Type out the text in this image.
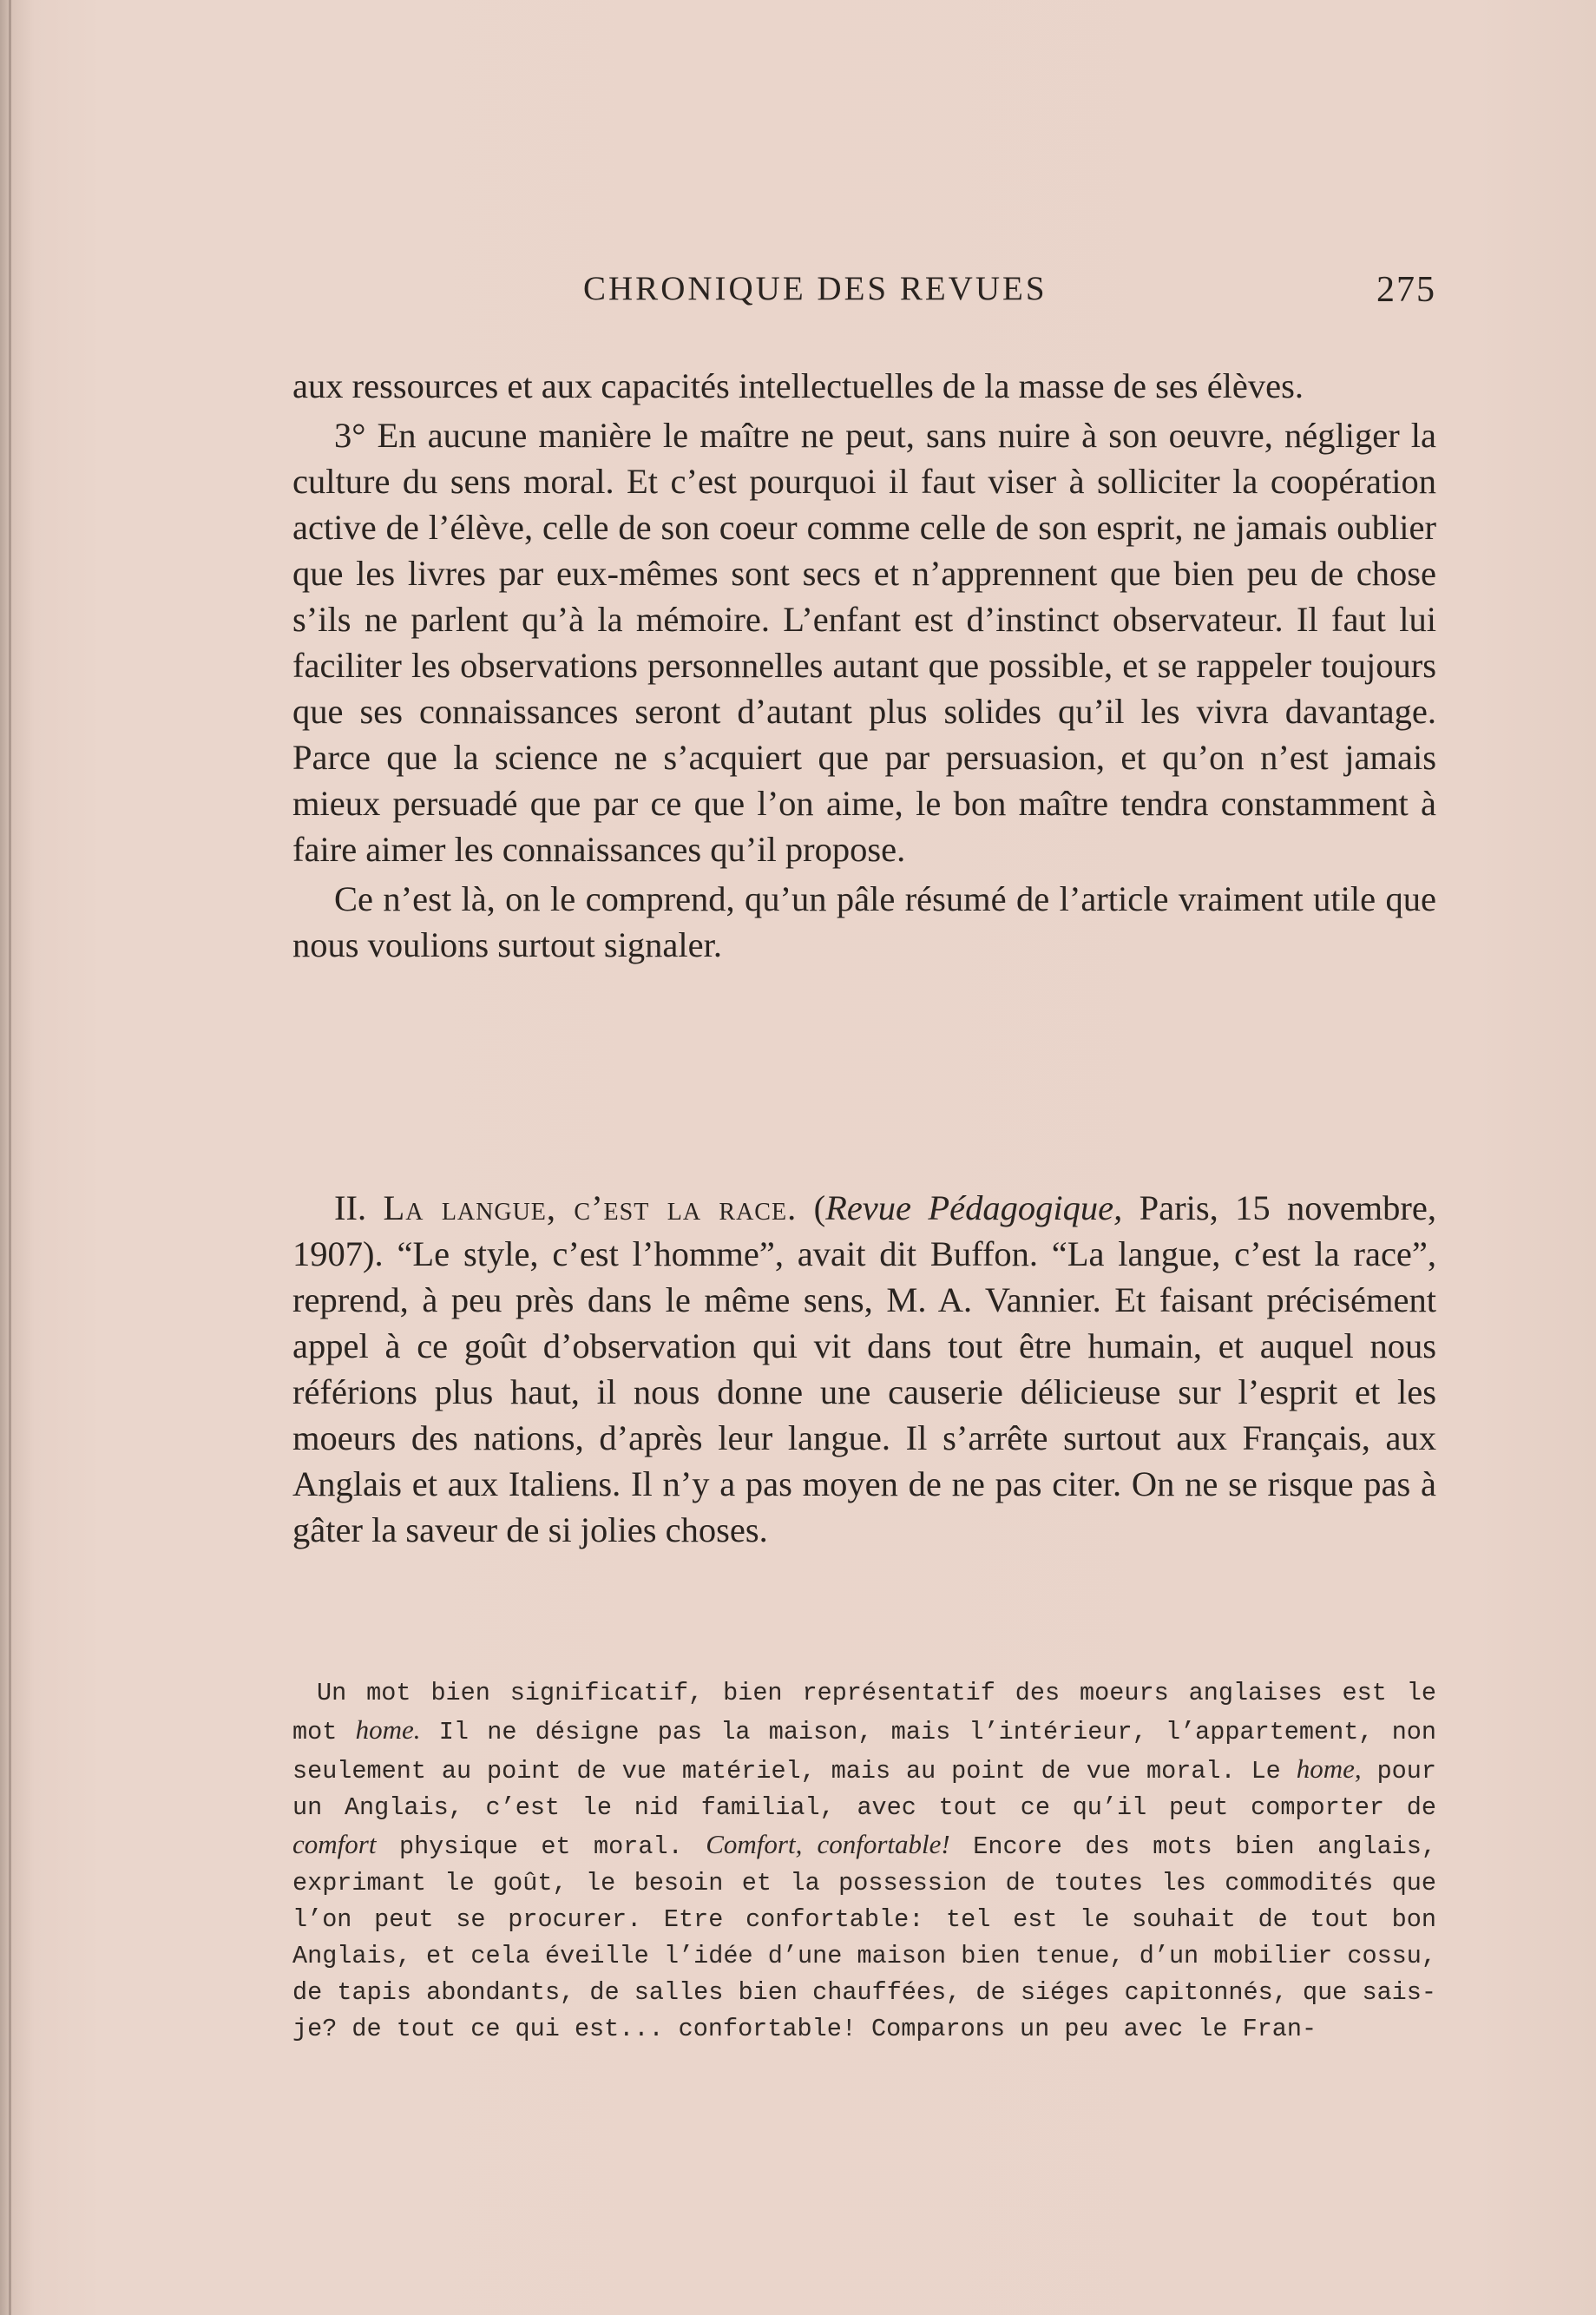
CHRONIQUE DES REVUES	275

aux ressources et aux capacités intellectuelles de la masse de ses élèves.

3° En aucune manière le maître ne peut, sans nuire à son oeuvre, négliger la culture du sens moral. Et c’est pourquoi il faut viser à solliciter la coopération active de l’élève, celle de son coeur comme celle de son esprit, ne jamais oublier que les livres par eux-mêmes sont secs et n’apprennent que bien peu de chose s’ils ne parlent qu’à la mémoire. L’enfant est d’instinct observateur. Il faut lui faciliter les observations personnelles autant que possible, et se rappeler toujours que ses connaissances seront d’autant plus solides qu’il les vivra davantage. Parce que la science ne s’acquiert que par persuasion, et qu’on n’est jamais mieux persuadé que par ce que l’on aime, le bon maître tendra constamment à faire aimer les connaissances qu’il propose.

Ce n’est là, on le comprend, qu’un pâle résumé de l’article vraiment utile que nous voulions surtout signaler.

II. La langue, c’est la race. (Revue Pédagogique, Paris, 15 novembre, 1907). “Le style, c’est l’homme”, avait dit Buffon. “La langue, c’est la race”, reprend, à peu près dans le même sens, M. A. Vannier. Et faisant précisément appel à ce goût d’observation qui vit dans tout être humain, et auquel nous référions plus haut, il nous donne une causerie délicieuse sur l’esprit et les moeurs des nations, d’après leur langue. Il s’arrête surtout aux Français, aux Anglais et aux Italiens. Il n’y a pas moyen de ne pas citer. On ne se risque pas à gâter la saveur de si jolies choses.

Un mot bien significatif, bien représentatif des moeurs anglaises est le mot home. Il ne désigne pas la maison, mais l’intérieur, l’appartement, non seulement au point de vue matériel, mais au point de vue moral. Le home, pour un Anglais, c’est le nid familial, avec tout ce qu’il peut comporter de comfort physique et moral. Comfort, confortable! Encore des mots bien anglais, exprimant le goût, le besoin et la possession de toutes les commodités que l’on peut se procurer. Etre confortable: tel est le souhait de tout bon Anglais, et cela éveille l’idée d’une maison bien tenue, d’un mobilier cossu, de tapis abondants, de salles bien chauffées, de siéges capitonnés, que sais-je? de tout ce qui est... confortable! Comparons un peu avec le Fran-
